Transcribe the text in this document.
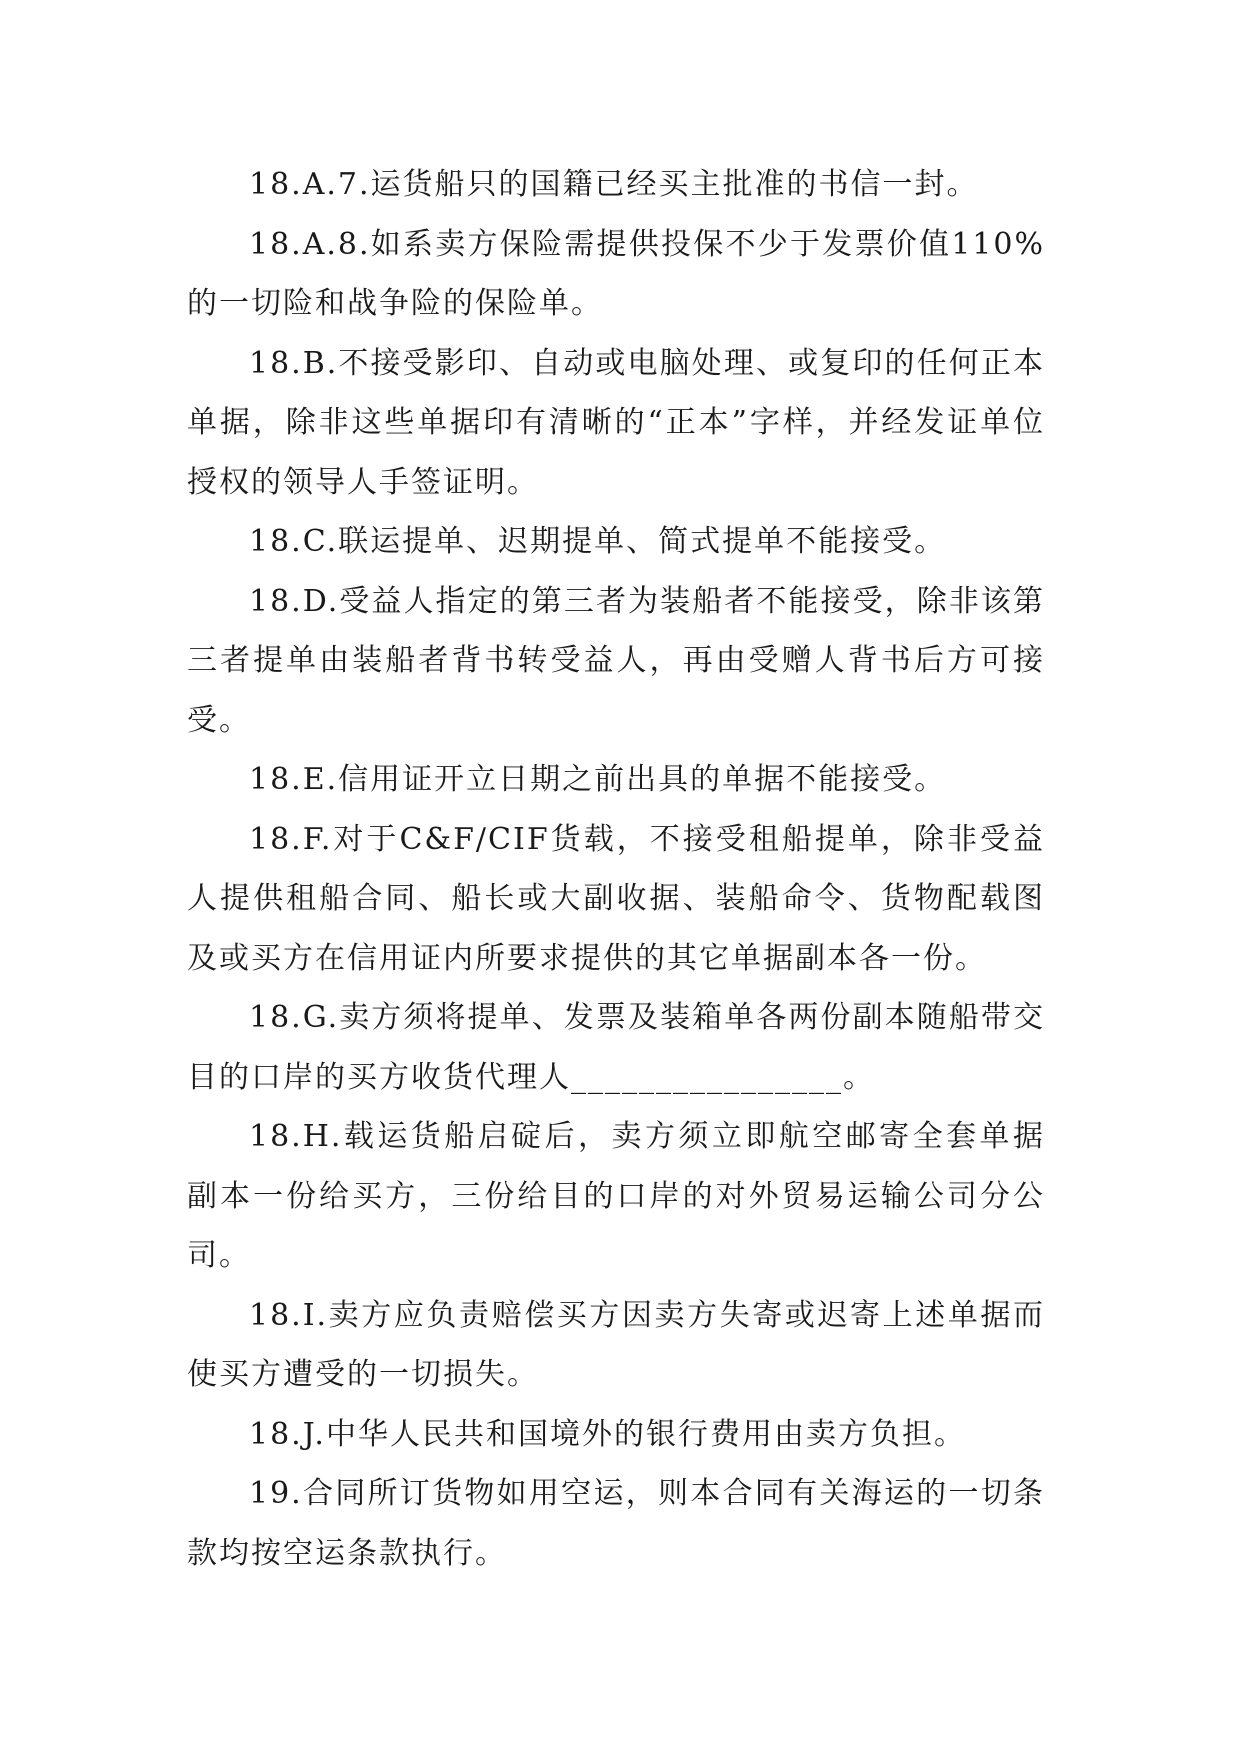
18.A.7.运货船只的国籍已经买主批准的书信一封。

18.A.8.如系卖方保险需提供投保不少于发票价值110%的一切险和战争险的保险单。

18.B.不接受影印、自动或电脑处理、或复印的任何正本单据，除非这些单据印有清晰的“正本”字样，并经发证单位授权的领导人手签证明。

18.C.联运提单、迟期提单、简式提单不能接受。

18.D.受益人指定的第三者为装船者不能接受，除非该第三者提单由装船者背书转受益人，再由受赠人背书后方可接受。

18.E.信用证开立日期之前出具的单据不能接受。

18.F.对于C&F/CIF货载，不接受租船提单，除非受益人提供租船合同、船长或大副收据、装船命令、货物配载图及或买方在信用证内所要求提供的其它单据副本各一份。

18.G.卖方须将提单、发票及装箱单各两份副本随船带交目的口岸的买方收货代理人________________。

18.H.载运货船启碇后，卖方须立即航空邮寄全套单据副本一份给买方，三份给目的口岸的对外贸易运输公司分公司。

18.I.卖方应负责赔偿买方因卖方失寄或迟寄上述单据而使买方遭受的一切损失。

18.J.中华人民共和国境外的银行费用由卖方负担。

19.合同所订货物如用空运，则本合同有关海运的一切条款均按空运条款执行。
